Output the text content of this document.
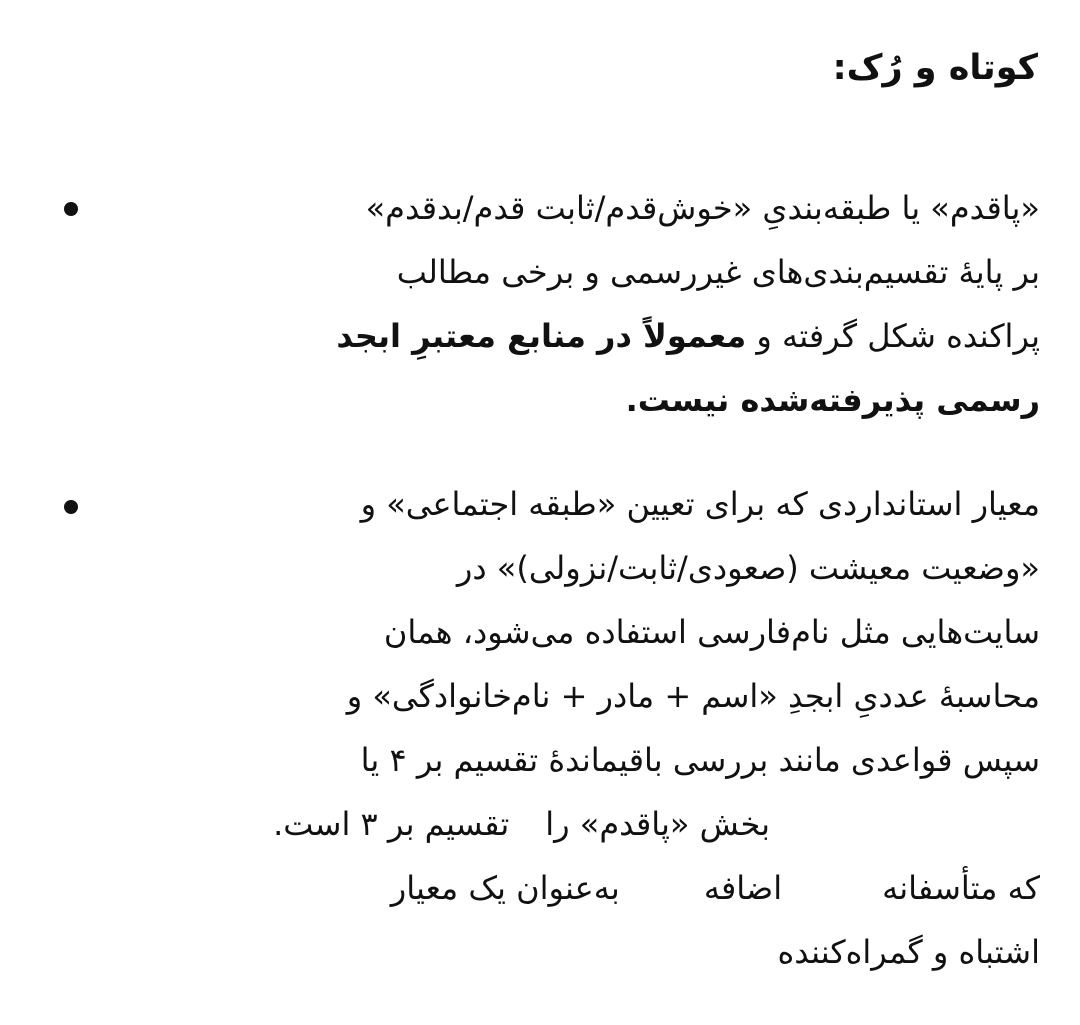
کوتاه و رُک:
«پاقدم» یا طبقه‌بندیِ «خوش‌قدم/ثابت قدم/بدقدم»
بر پایهٔ تقسیم‌بندی‌های غیررسمی و برخی مطالب
پراکنده شکل گرفته و معمولاً در منابع معتبرِ ابجد
رسمی پذیرفته‌شده نیست.
معیار استانداردی که برای تعیین «طبقه اجتماعی» و
«وضعیت معیشت (صعودی/ثابت/نزولی)» در
سایت‌هایی مثل نام‌فارسی استفاده می‌شود، همان
محاسبهٔ عددیِ ابجدِ «اسم + مادر + نام‌خانوادگی» و
سپس قواعدی مانند بررسی باقیماندهٔ تقسیم بر ۴ یا
بخش «پاقدم» راتقسیم بر ۳ است.
که متأسفانهاضافهبه‌عنوان یک معیار
اشتباه و گمراه‌کننده
